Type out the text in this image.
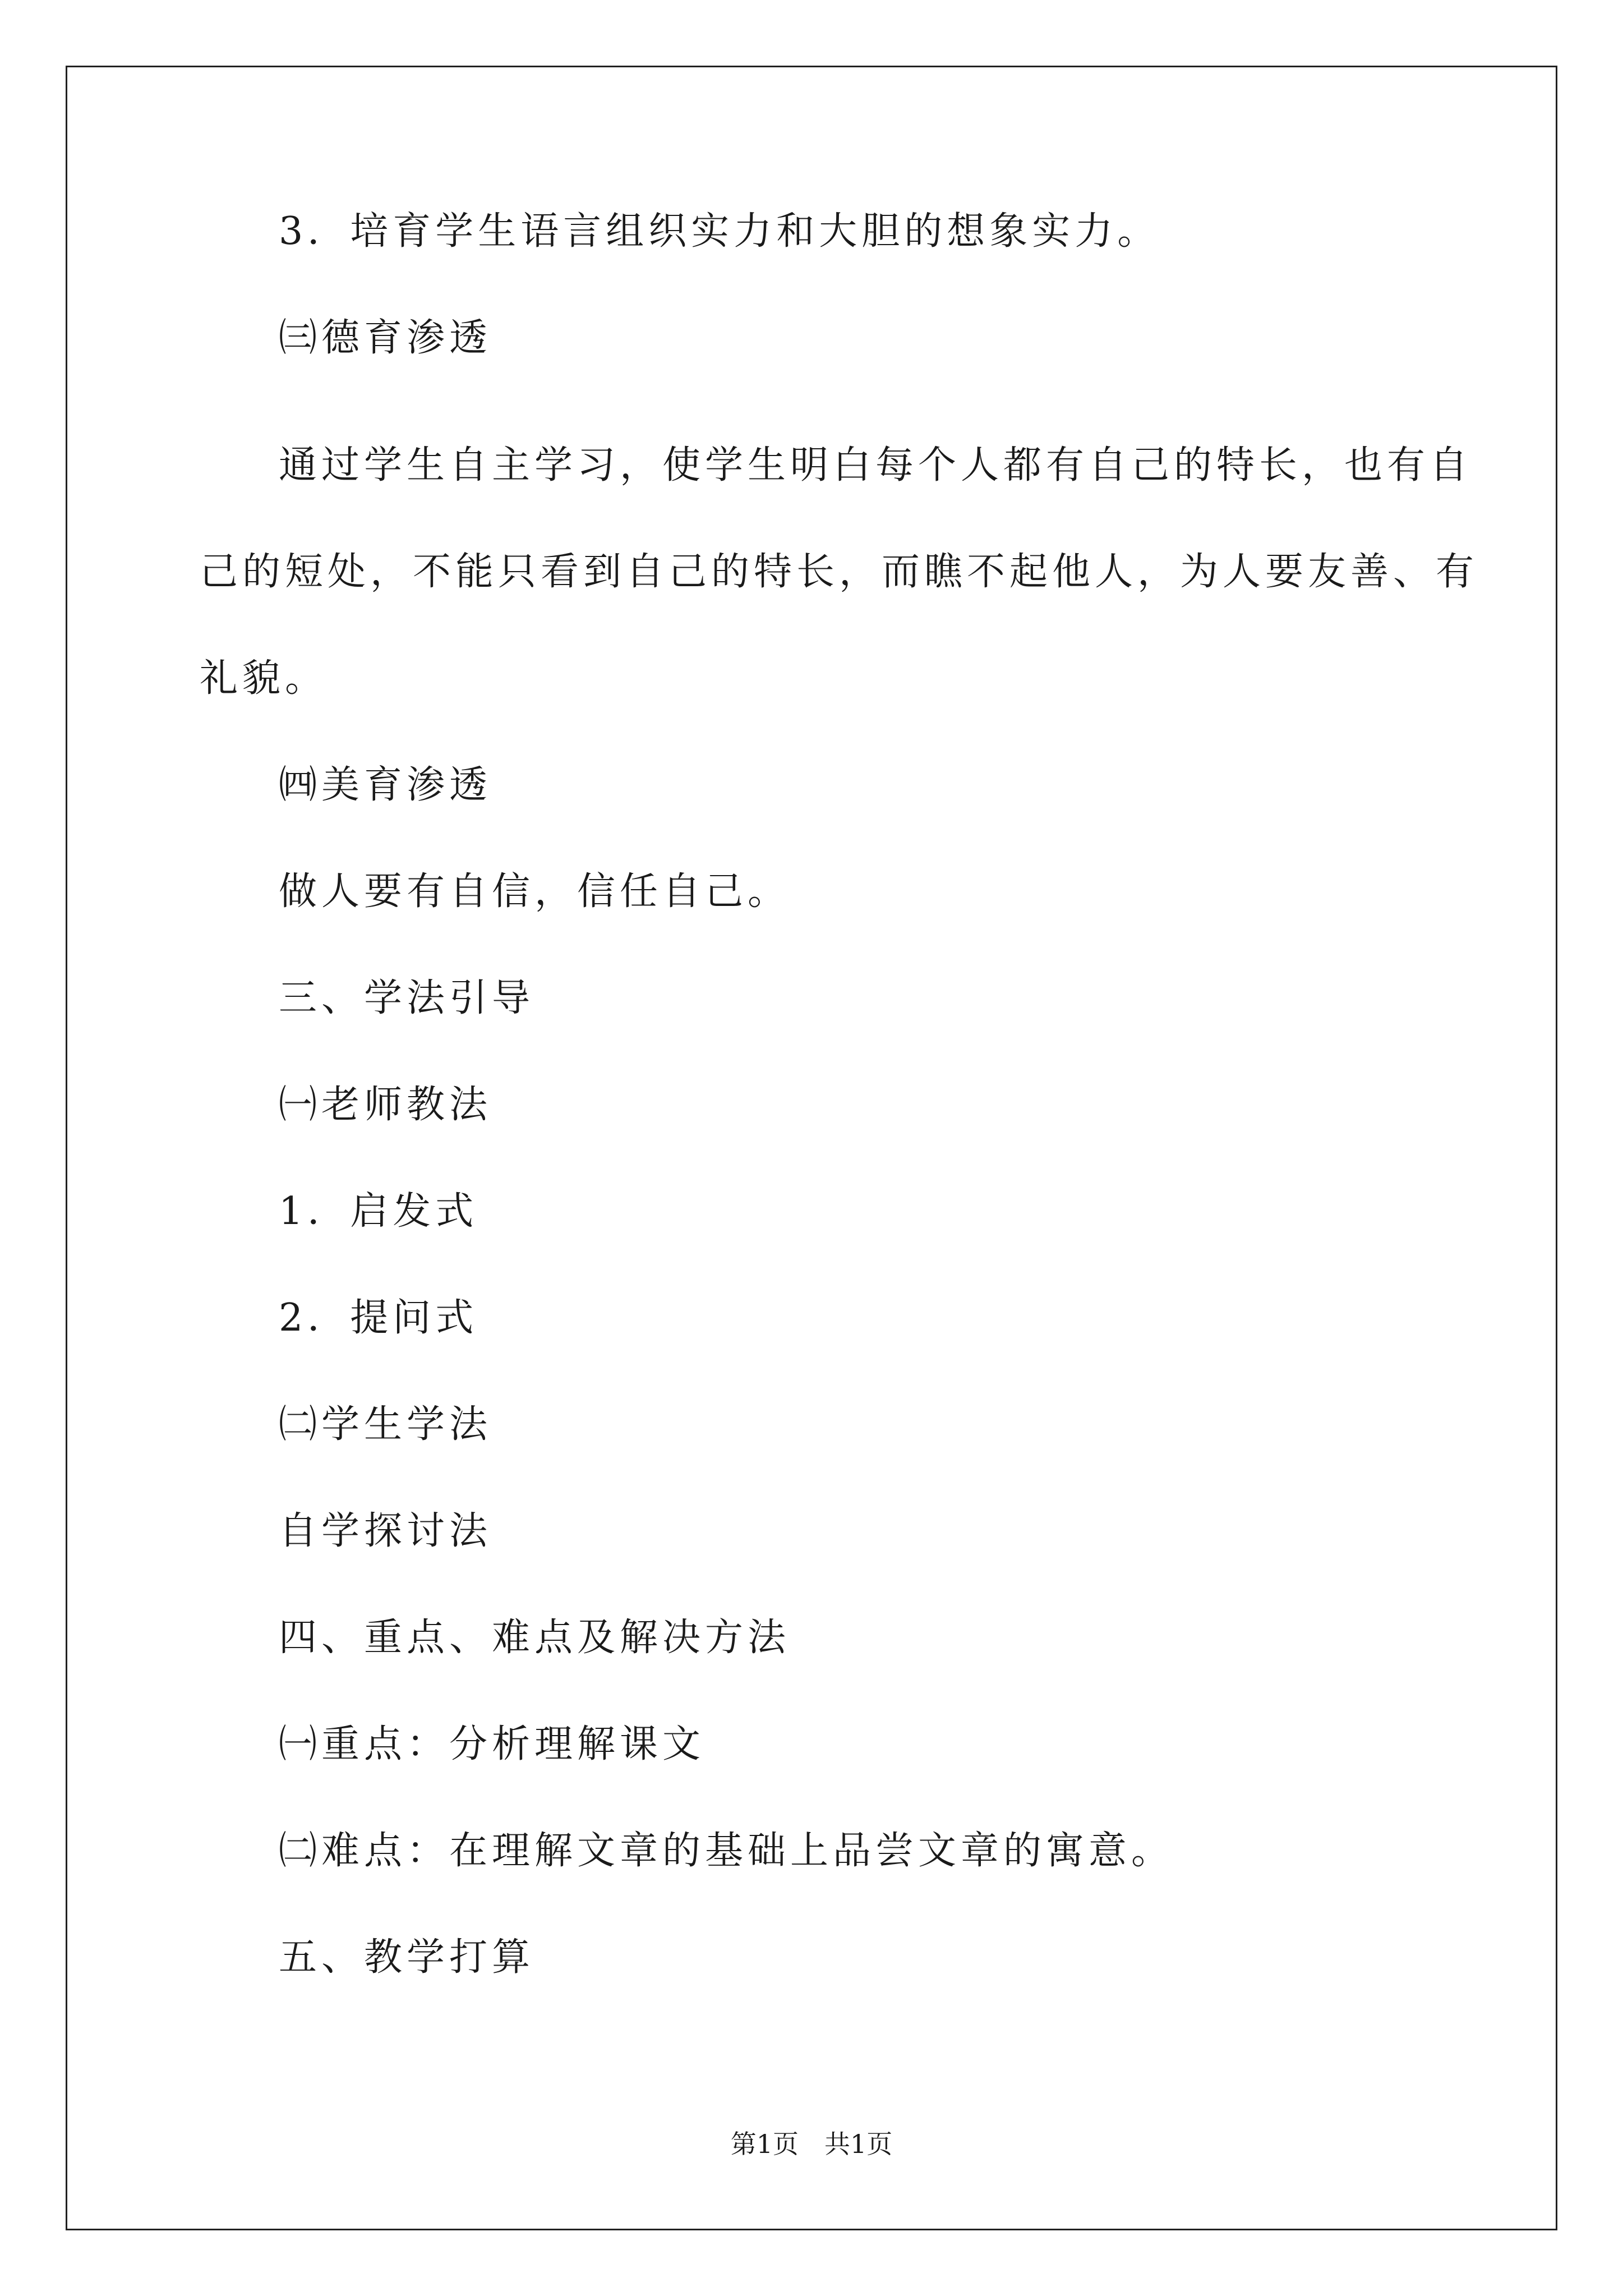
3．培育学生语言组织实力和大胆的想象实力。
㈢德育渗透
通过学生自主学习，使学生明白每个人都有自己的特长，也有自
己的短处，不能只看到自己的特长，而瞧不起他人，为人要友善、有
礼貌。
㈣美育渗透
做人要有自信，信任自己。
三、学法引导
㈠老师教法
1．启发式
2．提问式
㈡学生学法
自学探讨法
四、重点、难点及解决方法
㈠重点：分析理解课文
㈡难点：在理解文章的基础上品尝文章的寓意。
五、教学打算
第1页　共1页
